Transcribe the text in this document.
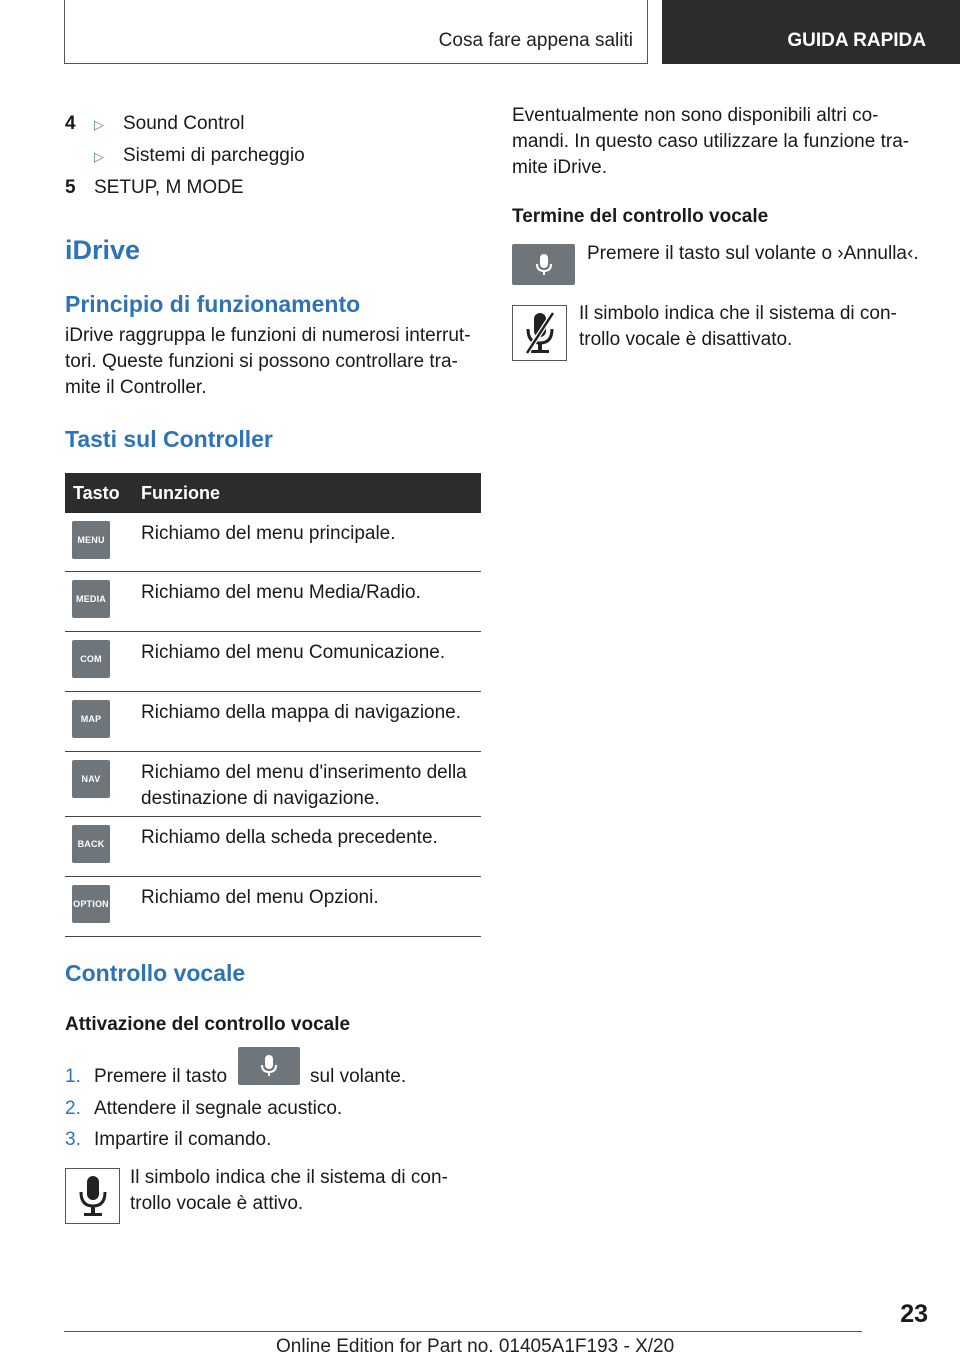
Cosa fare appena saliti	GUIDA RAPIDA
4 ▷ Sound Control
▷ Sistemi di parcheggio
5 SETUP, M MODE
iDrive
Principio di funzionamento
iDrive raggruppa le funzioni di numerosi interrut-
tori. Queste funzioni si possono controllare tra-
mite il Controller.
Tasti sul Controller
Tasto Funzione
MENU Richiamo del menu principale.
MEDIA Richiamo del menu Media/Radio.
COM	Richiamo del menu Comunicazione.
MAP	Richiamo della mappa di navigazione.
NAV	Richiamo del menu d'inserimento della
destinazione di navigazione.
BACK Richiamo della scheda precedente.
OPTION Richiamo del menu Opzioni.
Controllo vocale
Attivazione del controllo vocale
1. Premere il tasto	sul volante.
2. Attendere il segnale acustico.
3. Impartire il comando.
Il simbolo indica che il sistema di con-
trollo vocale è attivo.
Eventualmente non sono disponibili altri co-
mandi. In questo caso utilizzare la funzione tra-
mite iDrive.
Termine del controllo vocale
Premere il tasto sul volante o ›Annulla‹.
Il simbolo indica che il sistema di con-
trollo vocale è disattivato.
23
Online Edition for Part no. 01405A1F193 - X/20
